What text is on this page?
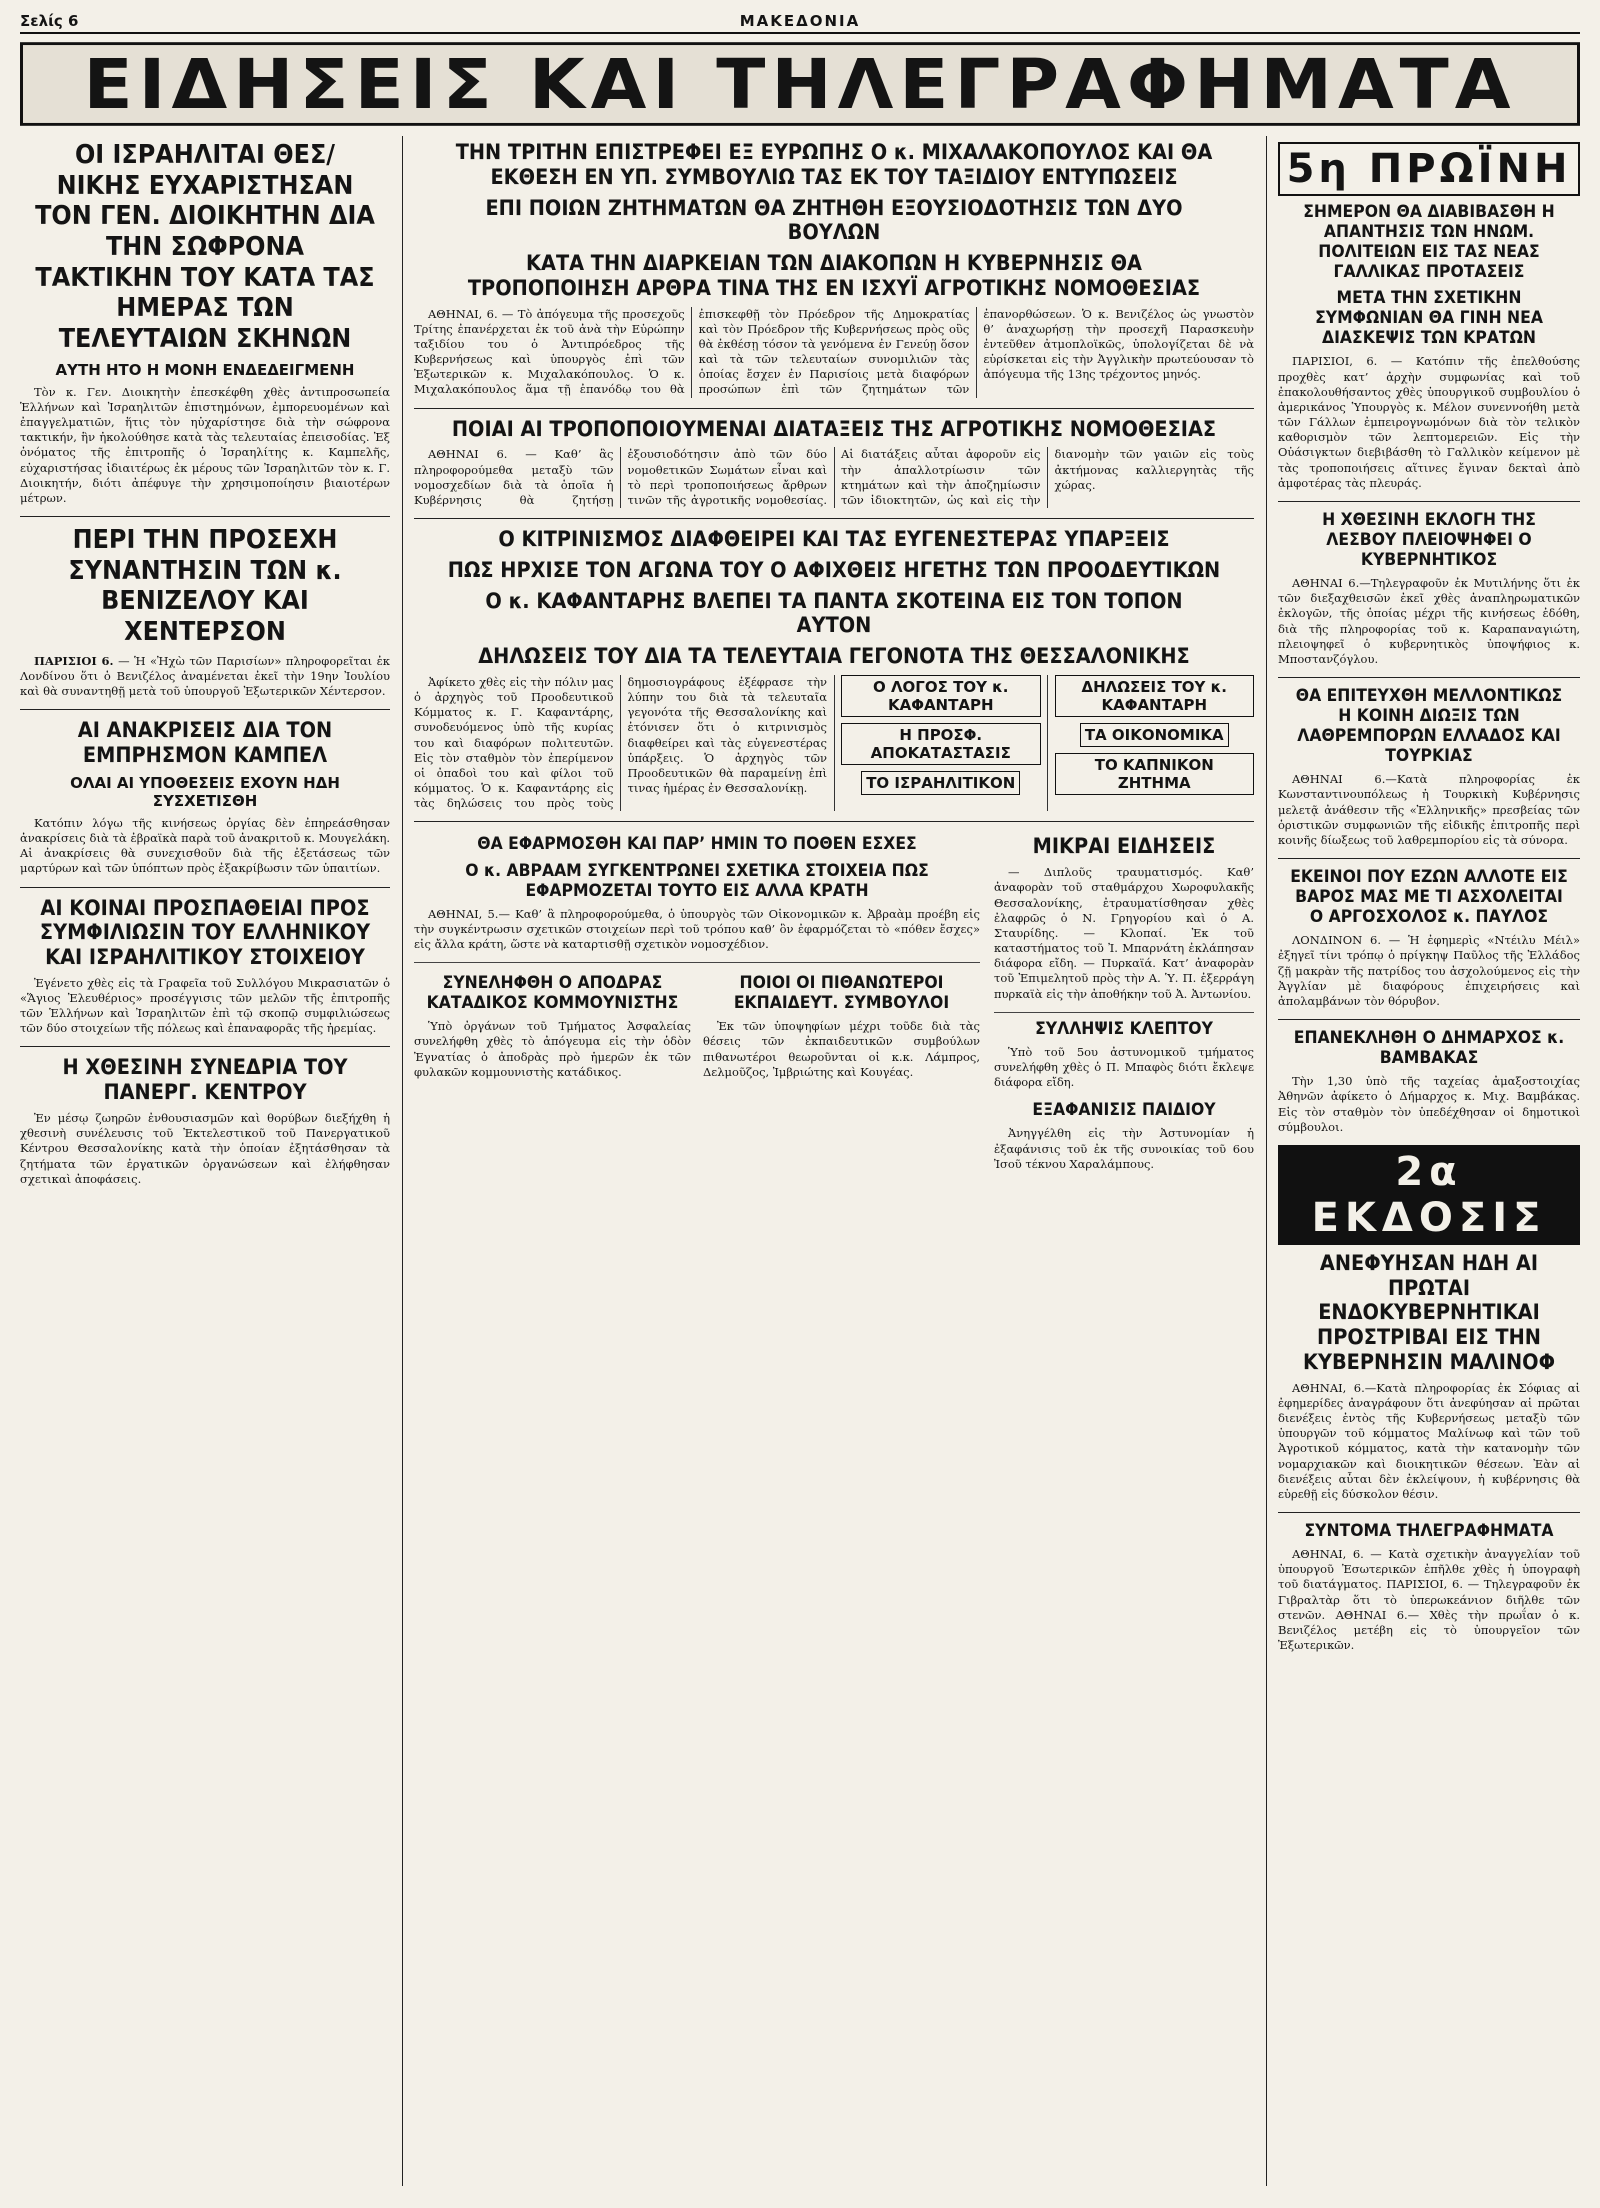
Σελίς 6	ΜΑΚΕΔΟΝΙΑ
ΕΙΔΗΣΕΙΣ ΚΑΙ ΤΗΛΕΓΡΑΦΗΜΑΤΑ
ΟΙ ΙΣΡΑΗΛΙΤΑΙ ΘΕΣ/ΝΙΚΗΣ ΕΥΧΑΡΙΣΤΗΣΑΝ ΤΟΝ ΓΕΝ. ΔΙΟΙΚΗΤΗΝ ΔΙΑ ΤΗΝ ΣΩΦΡΟΝΑ ΤΑΚΤΙΚΗΝ ΤΟΥ ΚΑΤΑ ΤΑΣ ΗΜΕΡΑΣ ΤΩΝ ΤΕΛΕΥΤΑΙΩΝ ΣΚΗΝΩΝ
ΑΥΤΗ ΗΤΟ Η ΜΟΝΗ ΕΝΔΕΔΕΙΓΜΕΝΗ

Τὸν κ. Γεν. Διοικητὴν ἐπεσκέφθη χθὲς ἀντιπροσωπεία Ἑλλήνων καὶ Ἰσραηλιτῶν ἐπιστημόνων, ἐμπορευομένων καὶ ἐπαγγελματιῶν, ἥτις τὸν ηὐχαρίστησε διὰ τὴν σώφρονα τακτικήν, ἣν ἠκολούθησε κατὰ τὰς τελευταίας ἐπεισοδίας. Ἐξ ὀνόματος τῆς ἐπιτροπῆς ὁ Ἰσραηλίτης κ. Καμπελῆς, εὐχαριστήσας ἰδιαιτέρως ἐκ μέρους τῶν Ἰσραηλιτῶν τὸν κ. Γ. Διοικητήν, διότι ἀπέφυγε τὴν χρησιμοποίησιν βιαιοτέρων μέτρων.

ΠΕΡΙ ΤΗΝ ΠΡΟΣΕΧΗ ΣΥΝΑΝΤΗΣΙΝ ΤΩΝ κ. ΒΕΝΙΖΕΛΟΥ ΚΑΙ ΧΕΝΤΕΡΣΟΝ

ΠΑΡΙΣΙΟΙ 6. — Ἡ «Ἠχὼ τῶν Παρισίων» πληροφορεῖται ἐκ Λονδίνου ὅτι ὁ Βενιζέλος ἀναμένεται ἐκεῖ τὴν 19ην Ἰουλίου καὶ θὰ συναντηθῇ μετὰ τοῦ ὑπουργοῦ Ἐξωτερικῶν Χέντερσον.

ΑΙ ΑΝΑΚΡΙΣΕΙΣ ΔΙΑ ΤΟΝ ΕΜΠΡΗΣΜΟΝ ΚΑΜΠΕΛ
ΟΛΑΙ ΑΙ ΥΠΟΘΕΣΕΙΣ ΕΧΟΥΝ ΗΔΗ ΣΥΣΧΕΤΙΣΘΗ

Κατόπιν λόγω τῆς κινήσεως ὀργίας δὲν ἐπηρεάσθησαν ἀνακρίσεις διὰ τὰ ἐβραϊκὰ παρὰ τοῦ ἀνακριτοῦ κ. Μουγελάκη. Αἱ ἀνακρίσεις θὰ συνεχισθοῦν διὰ τῆς ἐξετάσεως τῶν μαρτύρων καὶ τῶν ὑπόπτων πρὸς ἐξακρίβωσιν τῶν ὑπαιτίων.

ΑΙ ΚΟΙΝΑΙ ΠΡΟΣΠΑΘΕΙΑΙ ΠΡΟΣ ΣΥΜΦΙΛΙΩΣΙΝ ΤΟΥ ΕΛΛΗΝΙΚΟΥ ΚΑΙ ΙΣΡΑΗΛΙΤΙΚΟΥ ΣΤΟΙΧΕΙΟΥ

Ἐγένετο χθὲς εἰς τὰ Γραφεῖα τοῦ Συλλόγου Μικρασιατῶν ὁ «Ἅγιος Ἐλευθέριος» προσέγγισις τῶν μελῶν τῆς ἐπιτροπῆς τῶν Ἑλλήνων καὶ Ἰσραηλιτῶν ἐπὶ τῷ σκοπῷ συμφιλιώσεως τῶν δύο στοιχείων τῆς πόλεως καὶ ἐπαναφορᾶς τῆς ἠρεμίας.

Η ΧΘΕΣΙΝΗ ΣΥΝΕΔΡΙΑ ΤΟΥ ΠΑΝΕΡΓ. ΚΕΝΤΡΟΥ

Ἐν μέσῳ ζωηρῶν ἐνθουσιασμῶν καὶ θορύβων διεξήχθη ἡ χθεσινὴ συνέλευσις τοῦ Ἐκτελεστικοῦ τοῦ Πανεργατικοῦ Κέντρου Θεσσαλονίκης κατὰ τὴν ὁποίαν ἐξητάσθησαν τὰ ζητήματα τῶν ἐργατικῶν ὀργανώσεων καὶ ἐλήφθησαν σχετικαὶ ἀποφάσεις.

ΤΗΝ ΤΡΙΤΗΝ ΕΠΙΣΤΡΕΦΕΙ ΕΞ ΕΥΡΩΠΗΣ Ο κ. ΜΙΧΑΛΑΚΟΠΟΥΛΟΣ ΚΑΙ ΘΑ ΕΚΘΕΣΗ ΕΝ ΥΠ. ΣΥΜΒΟΥΛΙΩ ΤΑΣ ΕΚ ΤΟΥ ΤΑΞΙΔΙΟΥ ΕΝΤΥΠΩΣΕΙΣ
ΕΠΙ ΠΟΙΩΝ ΖΗΤΗΜΑΤΩΝ ΘΑ ΖΗΤΗΘΗ ΕΞΟΥΣΙΟΔΟΤΗΣΙΣ ΤΩΝ ΔΥΟ ΒΟΥΛΩΝ
ΚΑΤΑ ΤΗΝ ΔΙΑΡΚΕΙΑΝ ΤΩΝ ΔΙΑΚΟΠΩΝ Η ΚΥΒΕΡΝΗΣΙΣ ΘΑ ΤΡΟΠΟΠΟΙΗΣΗ ΑΡΘΡΑ ΤΙΝΑ ΤΗΣ ΕΝ ΙΣΧΥΪ ΑΓΡΟΤΙΚΗΣ ΝΟΜΟΘΕΣΙΑΣ

ΑΘΗΝΑΙ, 6. — Τὸ ἀπόγευμα τῆς προσεχοῦς Τρίτης ἐπανέρχεται ἐκ τοῦ ἀνὰ τὴν Εὐρώπην ταξιδίου του ὁ Ἀντιπρόεδρος τῆς Κυβερνήσεως καὶ ὑπουργὸς ἐπὶ τῶν Ἐξωτερικῶν κ. Μιχαλακόπουλος. Ὁ κ. Μιχαλακόπουλος ἅμα τῇ ἐπανόδῳ του θὰ ἐπισκεφθῇ τὸν Πρόεδρον τῆς Δημοκρατίας καὶ τὸν Πρόεδρον τῆς Κυβερνήσεως πρὸς οὓς θὰ ἐκθέσῃ τόσον τὰ γενόμενα ἐν Γενεύῃ ὅσον καὶ τὰ τῶν τελευταίων συνομιλιῶν τὰς ὁποίας ἔσχεν ἐν Παρισίοις μετὰ διαφόρων προσώπων ἐπὶ τῶν ζητημάτων τῶν ἐπανορθώσεων. Ὁ κ. Βενιζέλος ὡς γνωστὸν θ’ ἀναχωρήσῃ τὴν προσεχῆ Παρασκευὴν ἐντεῦθεν ἀτμοπλοϊκῶς, ὑπολογίζεται δὲ νὰ εὑρίσκεται εἰς τὴν Ἀγγλικὴν πρωτεύουσαν τὸ ἀπόγευμα τῆς 13ης τρέχοντος μηνός.

ΠΟΙΑΙ ΑΙ ΤΡΟΠΟΠΟΙΟΥΜΕΝΑΙ ΔΙΑΤΑΞΕΙΣ ΤΗΣ ΑΓΡΟΤΙΚΗΣ ΝΟΜΟΘΕΣΙΑΣ

ΑΘΗΝΑΙ 6. — Καθ’ ἃς πληροφορούμεθα μεταξὺ τῶν νομοσχεδίων διὰ τὰ ὁποῖα ἡ Κυβέρνησις θὰ ζητήσῃ ἐξουσιοδότησιν ἀπὸ τῶν δύο νομοθετικῶν Σωμάτων εἶναι καὶ τὸ περὶ τροποποιήσεως ἄρθρων τινῶν τῆς ἀγροτικῆς νομοθεσίας. Αἱ διατάξεις αὗται ἀφοροῦν εἰς τὴν ἀπαλλοτρίωσιν τῶν κτημάτων καὶ τὴν ἀποζημίωσιν τῶν ἰδιοκτητῶν, ὡς καὶ εἰς τὴν διανομὴν τῶν γαιῶν εἰς τοὺς ἀκτήμονας καλλιεργητὰς τῆς χώρας.

Ο ΚΙΤΡΙΝΙΣΜΟΣ ΔΙΑΦΘΕΙΡΕΙ ΚΑΙ ΤΑΣ ΕΥΓΕΝΕΣΤΕΡΑΣ ΥΠΑΡΞΕΙΣ
ΠΩΣ ΗΡΧΙΣΕ ΤΟΝ ΑΓΩΝΑ ΤΟΥ Ο ΑΦΙΧΘΕΙΣ ΗΓΕΤΗΣ ΤΩΝ ΠΡΟΟΔΕΥΤΙΚΩΝ
Ο κ. ΚΑΦΑΝΤΑΡΗΣ ΒΛΕΠΕΙ ΤΑ ΠΑΝΤΑ ΣΚΟΤΕΙΝΑ ΕΙΣ ΤΟΝ ΤΟΠΟΝ ΑΥΤΟΝ
ΔΗΛΩΣΕΙΣ ΤΟΥ ΔΙΑ ΤΑ ΤΕΛΕΥΤΑΙΑ ΓΕΓΟΝΟΤΑ ΤΗΣ ΘΕΣΣΑΛΟΝΙΚΗΣ

Ἀφίκετο χθὲς εἰς τὴν πόλιν μας ὁ ἀρχηγὸς τοῦ Προοδευτικοῦ Κόμματος κ. Γ. Καφαντάρης, συνοδευόμενος ὑπὸ τῆς κυρίας του καὶ διαφόρων πολιτευτῶν. Εἰς τὸν σταθμὸν τὸν ἐπερίμενον οἱ ὀπαδοὶ του καὶ φίλοι τοῦ κόμματος. Ὁ κ. Καφαντάρης εἰς τὰς δηλώσεις του πρὸς τοὺς δημοσιογράφους ἐξέφρασε τὴν λύπην του διὰ τὰ τελευταῖα γεγονότα τῆς Θεσσαλονίκης καὶ ἐτόνισεν ὅτι ὁ κιτρινισμὸς διαφθείρει καὶ τὰς εὐγενεστέρας ὑπάρξεις. Ὁ ἀρχηγὸς τῶν Προοδευτικῶν θὰ παραμείνῃ ἐπὶ τινας ἡμέρας ἐν Θεσσαλονίκῃ.

Ο ΛΟΓΟΣ ΤΟΥ κ. ΚΑΦΑΝΤΑΡΗ
Η ΠΡΟΣΦ. ΑΠΟΚΑΤΑΣΤΑΣΙΣ
ΤΟ ΙΣΡΑΗΛΙΤΙΚΟΝ
ΔΗΛΩΣΕΙΣ ΤΟΥ κ. ΚΑΦΑΝΤΑΡΗ
ΤΑ ΟΙΚΟΝΟΜΙΚΑ
ΤΟ ΚΑΠΝΙΚΟΝ ΖΗΤΗΜΑ
ΘΑ ΕΦΑΡΜΟΣΘΗ ΚΑΙ ΠΑΡ’ ΗΜΙΝ ΤΟ ΠΟΘΕΝ ΕΣΧΕΣ
Ο κ. ΑΒΡΑΑΜ ΣΥΓΚΕΝΤΡΩΝΕΙ ΣΧΕΤΙΚΑ ΣΤΟΙΧΕΙΑ ΠΩΣ ΕΦΑΡΜΟΖΕΤΑΙ ΤΟΥΤΟ ΕΙΣ ΑΛΛΑ ΚΡΑΤΗ

ΑΘΗΝΑΙ, 5.— Καθ’ ἃ πληροφορούμεθα, ὁ ὑπουργὸς τῶν Οἰκονομικῶν κ. Ἀβραὰμ προέβη εἰς τὴν συγκέντρωσιν σχετικῶν στοιχείων περὶ τοῦ τρόπου καθ’ ὃν ἐφαρμόζεται τὸ «πόθεν ἔσχες» εἰς ἄλλα κράτη, ὥστε νὰ καταρτισθῇ σχετικὸν νομοσχέδιον.

ΣΥΝΕΛΗΦΘΗ Ο ΑΠΟΔΡΑΣ ΚΑΤΑΔΙΚΟΣ ΚΟΜΜΟΥΝΙΣΤΗΣ

Ὑπὸ ὀργάνων τοῦ Τμήματος Ἀσφαλείας συνελήφθη χθὲς τὸ ἀπόγευμα εἰς τὴν ὁδὸν Ἐγνατίας ὁ ἀποδρὰς πρὸ ἡμερῶν ἐκ τῶν φυλακῶν κομμουνιστὴς κατάδικος.

ΠΟΙΟΙ ΟΙ ΠΙΘΑΝΩΤΕΡΟΙ ΕΚΠΑΙΔΕΥΤ. ΣΥΜΒΟΥΛΟΙ

Ἐκ τῶν ὑποψηφίων μέχρι τοῦδε διὰ τὰς θέσεις τῶν ἐκπαιδευτικῶν συμβούλων πιθανωτέροι θεωροῦνται οἱ κ.κ. Λάμπρος, Δελμοῦζος, Ἰμβριώτης καὶ Κουγέας.

ΜΙΚΡΑΙ ΕΙΔΗΣΕΙΣ

— Διπλοῦς τραυματισμός. Καθ’ ἀναφορὰν τοῦ σταθμάρχου Χωροφυλακῆς Θεσσαλονίκης, ἐτραυματίσθησαν χθὲς ἐλαφρῶς ὁ Ν. Γρηγορίου καὶ ὁ Α. Σταυρίδης. — Κλοπαί. Ἐκ τοῦ καταστήματος τοῦ Ἰ. Μπαρνάτη ἐκλάπησαν διάφορα εἴδη. — Πυρκαϊά. Κατ’ ἀναφορὰν τοῦ Ἐπιμελητοῦ πρὸς τὴν Α. Ὑ. Π. ἐξερράγη πυρκαϊὰ εἰς τὴν ἀποθήκην τοῦ Ἀ. Ἀντωνίου.

ΣΥΛΛΗΨΙΣ ΚΛΕΠΤΟΥ

Ὑπὸ τοῦ 5ου ἀστυνομικοῦ τμήματος συνελήφθη χθὲς ὁ Π. Μπαφὸς διότι ἔκλεψε διάφορα εἴδη.

ΕΞΑΦΑΝΙΣΙΣ ΠΑΙΔΙΟΥ

Ἀνηγγέλθη εἰς τὴν Ἀστυνομίαν ἡ ἐξαφάνισις τοῦ ἐκ τῆς συνοικίας τοῦ 6ου Ἰσοῦ τέκνου Χαραλάμπους.

5η ΠΡΩΪΝΗ
ΣΗΜΕΡΟΝ ΘΑ ΔΙΑΒΙΒΑΣΘΗ Η ΑΠΑΝΤΗΣΙΣ ΤΩΝ ΗΝΩΜ. ΠΟΛΙΤΕΙΩΝ ΕΙΣ ΤΑΣ ΝΕΑΣ ΓΑΛΛΙΚΑΣ ΠΡΟΤΑΣΕΙΣ
ΜΕΤΑ ΤΗΝ ΣΧΕΤΙΚΗΝ ΣΥΜΦΩΝΙΑΝ ΘΑ ΓΙΝΗ ΝΕΑ ΔΙΑΣΚΕΨΙΣ ΤΩΝ ΚΡΑΤΩΝ

ΠΑΡΙΣΙΟΙ, 6. — Κατόπιν τῆς ἐπελθούσης προχθὲς κατ’ ἀρχὴν συμφωνίας καὶ τοῦ ἐπακολουθήσαντος χθὲς ὑπουργικοῦ συμβουλίου ὁ ἀμερικάνος Ὑπουργὸς κ. Μέλον συνεννοήθη μετὰ τῶν Γάλλων ἐμπειρογνωμόνων διὰ τὸν τελικὸν καθορισμὸν τῶν λεπτομερειῶν. Εἰς τὴν Οὐάσιγκτων διεβιβάσθη τὸ Γαλλικὸν κείμενον μὲ τὰς τροποποιήσεις αἵτινες ἔγιναν δεκταὶ ἀπὸ ἀμφοτέρας τὰς πλευράς.

Η ΧΘΕΣΙΝΗ ΕΚΛΟΓΗ ΤΗΣ ΛΕΣΒΟΥ ΠΛΕΙΟΨΗΦΕΙ Ο ΚΥΒΕΡΝΗΤΙΚΟΣ

ΑΘΗΝΑΙ 6.—Τηλεγραφοῦν ἐκ Μυτιλήνης ὅτι ἐκ τῶν διεξαχθεισῶν ἐκεῖ χθὲς ἀναπληρωματικῶν ἐκλογῶν, τῆς ὁποίας μέχρι τῆς κινήσεως ἐδόθη, διὰ τῆς πληροφορίας τοῦ κ. Καραπαναγιώτη, πλειοψηφεῖ ὁ κυβερνητικὸς ὑποψήφιος κ. Μποστανζόγλου.

ΘΑ ΕΠΙΤΕΥΧΘΗ ΜΕΛΛΟΝΤΙΚΩΣ Η ΚΟΙΝΗ ΔΙΩΞΙΣ ΤΩΝ ΛΑΘΡΕΜΠΟΡΩΝ ΕΛΛΑΔΟΣ ΚΑΙ ΤΟΥΡΚΙΑΣ

ΑΘΗΝΑΙ 6.—Κατὰ πληροφορίας ἐκ Κωνσταντινουπόλεως ἡ Τουρκικὴ Κυβέρνησις μελετᾷ ἀνάθεσιν τῆς «Ἑλληνικῆς» πρεσβείας τῶν ὁριστικῶν συμφωνιῶν τῆς εἰδικῆς ἐπιτροπῆς περὶ κοινῆς δίωξεως τοῦ λαθρεμπορίου εἰς τὰ σύνορα.

ΕΚΕΙΝΟΙ ΠΟΥ ΕΖΩΝ ΑΛΛΟΤΕ ΕΙΣ ΒΑΡΟΣ ΜΑΣ ΜΕ ΤΙ ΑΣΧΟΛΕΙΤΑΙ Ο ΑΡΓΟΣΧΟΛΟΣ κ. ΠΑΥΛΟΣ

ΛΟΝΔΙΝΟΝ 6. — Ἡ ἐφημερὶς «Ντέιλυ Μέιλ» ἐξηγεῖ τίνι τρόπῳ ὁ πρίγκηψ Παῦλος τῆς Ἑλλάδος ζῇ μακρὰν τῆς πατρίδος του ἀσχολούμενος εἰς τὴν Ἀγγλίαν μὲ διαφόρους ἐπιχειρήσεις καὶ ἀπολαμβάνων τὸν θόρυβον.

ΕΠΑΝΕΚΛΗΘΗ Ο ΔΗΜΑΡΧΟΣ κ. ΒΑΜΒΑΚΑΣ

Τὴν 1,30 ὑπὸ τῆς ταχείας ἀμαξοστοιχίας Ἀθηνῶν ἀφίκετο ὁ Δήμαρχος κ. Μιχ. Βαμβάκας. Εἰς τὸν σταθμὸν τὸν ὑπεδέχθησαν οἱ δημοτικοὶ σύμβουλοι.

2α ΕΚΔΟΣΙΣ
ΑΝΕΦΥΗΣΑΝ ΗΔΗ ΑΙ ΠΡΩΤΑΙ ΕΝΔΟΚΥΒΕΡΝΗΤΙΚΑΙ ΠΡΟΣΤΡΙΒΑΙ ΕΙΣ ΤΗΝ ΚΥΒΕΡΝΗΣΙΝ ΜΑΛΙΝΟΦ

ΑΘΗΝΑΙ, 6.—Κατὰ πληροφορίας ἐκ Σόφιας αἱ ἐφημερίδες ἀναγράφουν ὅτι ἀνεφύησαν αἱ πρῶται διενέξεις ἐντὸς τῆς Κυβερνήσεως μεταξὺ τῶν ὑπουργῶν τοῦ κόμματος Μαλίνωφ καὶ τῶν τοῦ Ἀγροτικοῦ κόμματος, κατὰ τὴν κατανομὴν τῶν νομαρχιακῶν καὶ διοικητικῶν θέσεων. Ἐὰν αἱ διενέξεις αὗται δὲν ἐκλείψουν, ἡ κυβέρνησις θὰ εὑρεθῇ εἰς δύσκολον θέσιν.

ΣΥΝΤΟΜΑ ΤΗΛΕΓΡΑΦΗΜΑΤΑ

ΑΘΗΝΑΙ, 6. — Κατὰ σχετικὴν ἀναγγελίαν τοῦ ὑπουργοῦ Ἐσωτερικῶν ἐπῆλθε χθὲς ἡ ὑπογραφὴ τοῦ διατάγματος. ΠΑΡΙΣΙΟΙ, 6. — Τηλεγραφοῦν ἐκ Γιβραλτὰρ ὅτι τὸ ὑπερωκεάνιον διῆλθε τῶν στενῶν. ΑΘΗΝΑΙ 6.— Χθὲς τὴν πρωΐαν ὁ κ. Βενιζέλος μετέβη εἰς τὸ ὑπουργεῖον τῶν Ἐξωτερικῶν.
